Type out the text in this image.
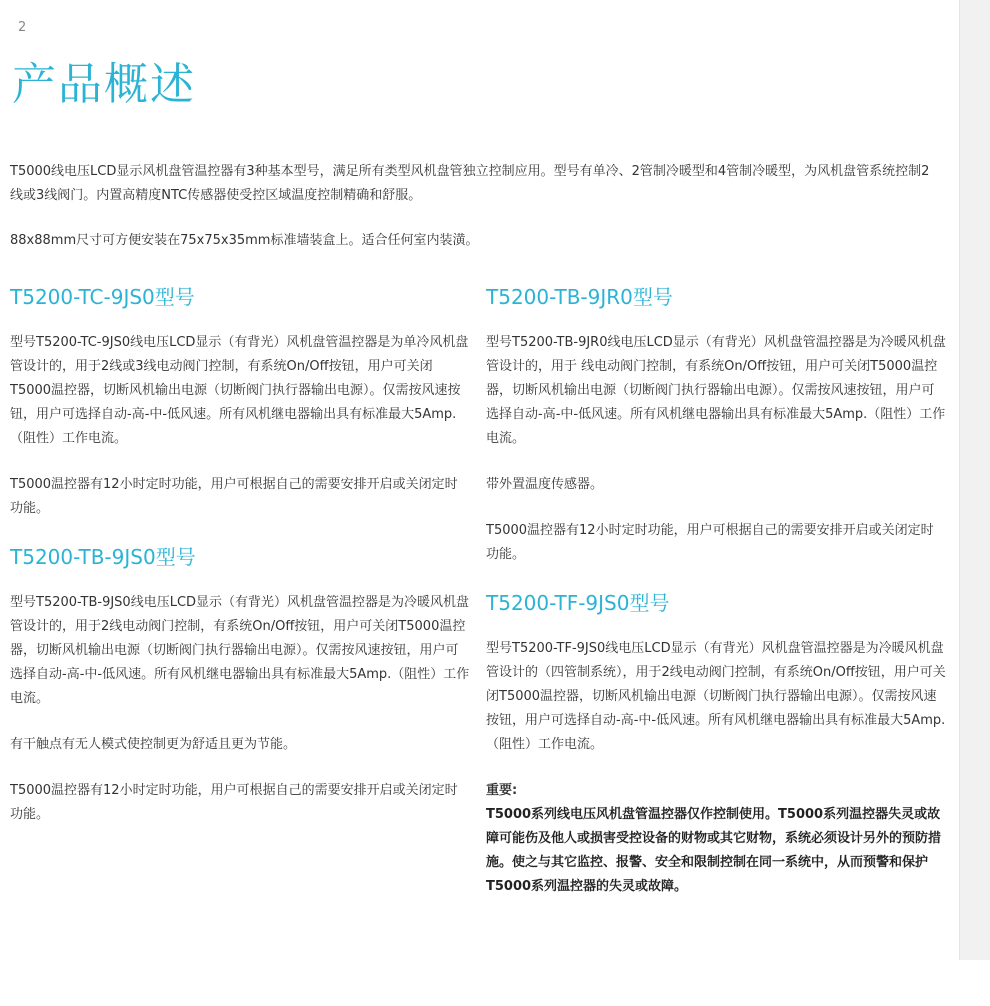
2
产品概述

T5000线电压LCD显示风机盘管温控器有3种基本型号，满足所有类型风机盘管独立控制应用。型号有单冷、2管制冷暖型和4管制冷暖型，为风机盘管系统控制2线或3线阀门。内置高精度NTC传感器使受控区域温度控制精确和舒服。

88x88mm尺寸可方便安装在75x75x35mm标准墙装盒上。适合任何室内装潢。

T5200-TC-9JS0型号

型号T5200-TC-9JS0线电压LCD显示（有背光）风机盘管温控器是为单冷风机盘管设计的，用于2线或3线电动阀门控制，有系统On/Off按钮，用户可关闭T5000温控器，切断风机输出电源（切断阀门执行器输出电源）。仅需按风速按钮，用户可选择自动-高-中-低风速。所有风机继电器输出具有标准最大5Amp.（阻性）工作电流。

T5000温控器有12小时定时功能，用户可根据自己的需要安排开启或关闭定时功能。

T5200-TB-9JS0型号

型号T5200-TB-9JS0线电压LCD显示（有背光）风机盘管温控器是为冷暖风机盘管设计的，用于2线电动阀门控制，有系统On/Off按钮，用户可关闭T5000温控器，切断风机输出电源（切断阀门执行器输出电源）。仅需按风速按钮，用户可选择自动-高-中-低风速。所有风机继电器输出具有标准最大5Amp.（阻性）工作电流。

有干触点有无人模式使控制更为舒适且更为节能。

T5000温控器有12小时定时功能，用户可根据自己的需要安排开启或关闭定时功能。

T5200-TB-9JR0型号

型号T5200-TB-9JR0线电压LCD显示（有背光）风机盘管温控器是为冷暖风机盘管设计的，用于 线电动阀门控制，有系统On/Off按钮，用户可关闭T5000温控器，切断风机输出电源（切断阀门执行器输出电源）。仅需按风速按钮，用户可选择自动-高-中-低风速。所有风机继电器输出具有标准最大5Amp.（阻性）工作电流。

带外置温度传感器。

T5000温控器有12小时定时功能，用户可根据自己的需要安排开启或关闭定时功能。

T5200-TF-9JS0型号

型号T5200-TF-9JS0线电压LCD显示（有背光）风机盘管温控器是为冷暖风机盘管设计的（四管制系统），用于2线电动阀门控制，有系统On/Off按钮，用户可关闭T5000温控器，切断风机输出电源（切断阀门执行器输出电源）。仅需按风速按钮，用户可选择自动-高-中-低风速。所有风机继电器输出具有标准最大5Amp.（阻性）工作电流。

重要:

T5000系列线电压风机盘管温控器仅作控制使用。T5000系列温控器失灵或故障可能伤及他人或损害受控设备的财物或其它财物，系统必须设计另外的预防措施。使之与其它监控、报警、安全和限制控制在同一系统中，从而预警和保护T5000系列温控器的失灵或故障。
